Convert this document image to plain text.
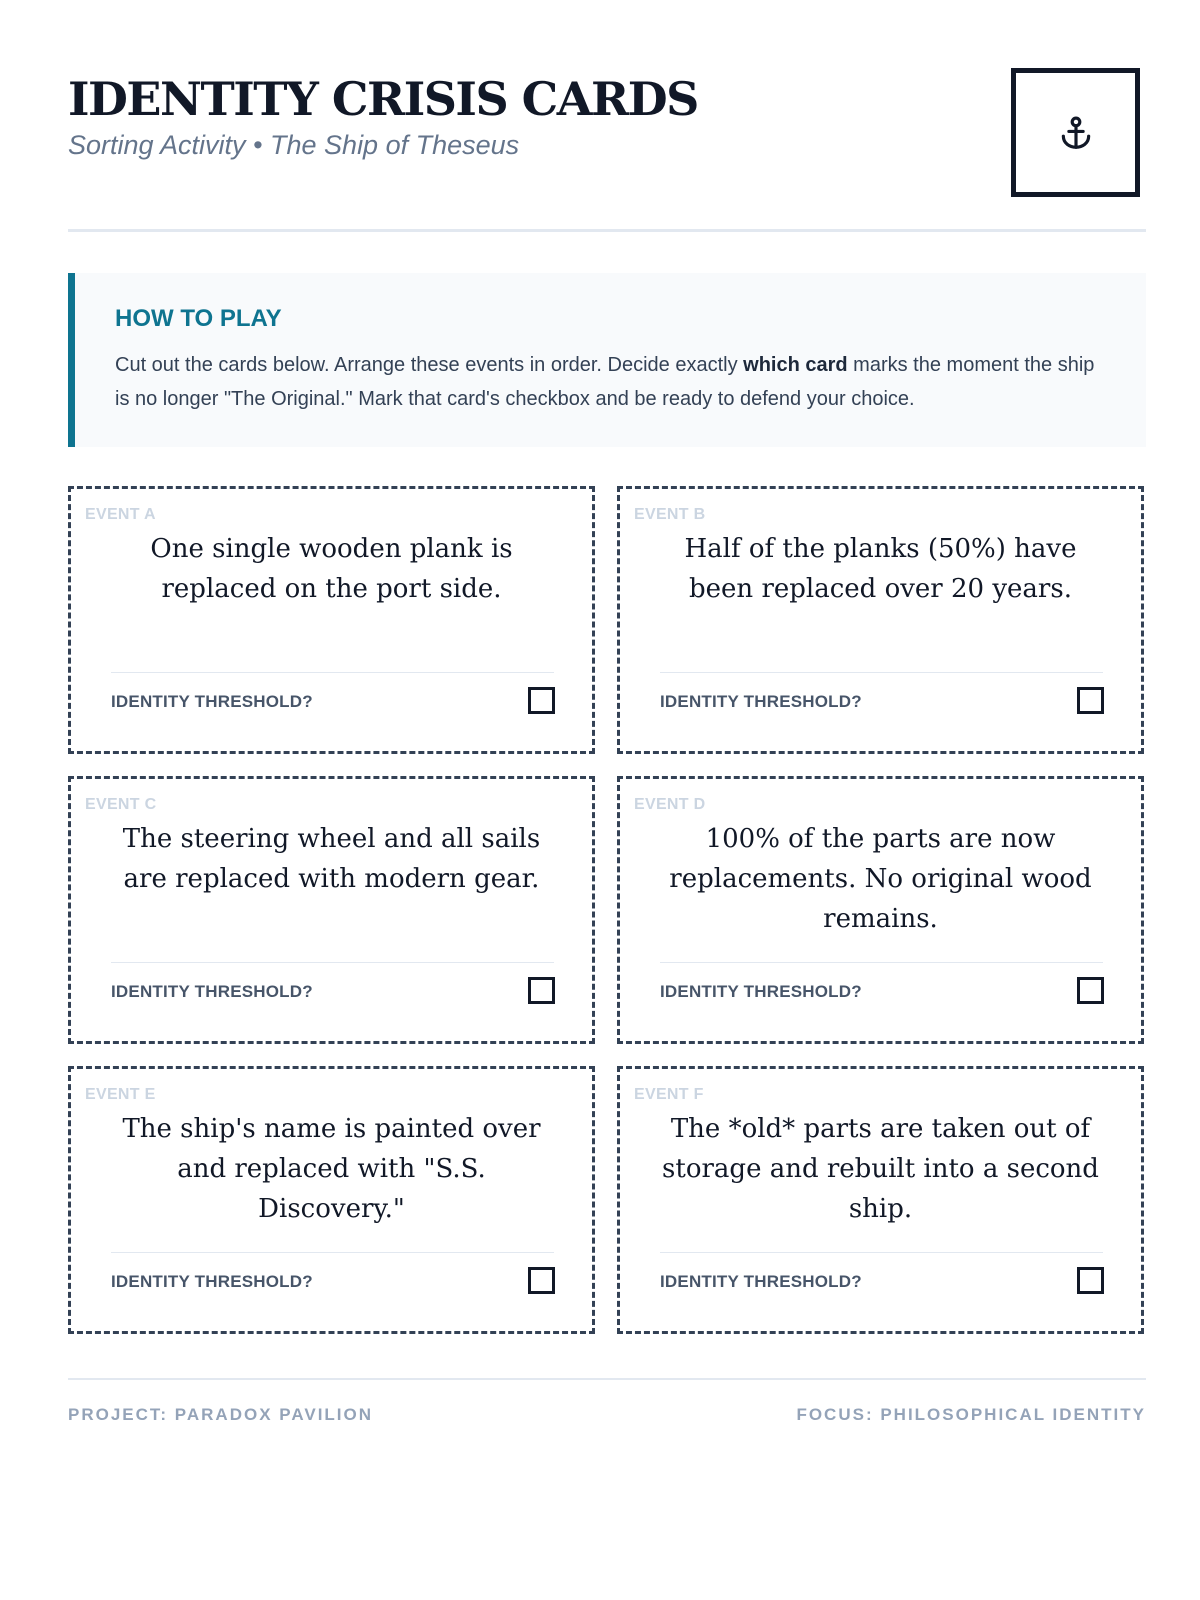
IDENTITY CRISIS CARDS
Sorting Activity • The Ship of Theseus
HOW TO PLAY
Cut out the cards below. Arrange these events in order. Decide exactly which card marks the moment the ship is no longer "The Original." Mark that card's checkbox and be ready to defend your choice.
EVENT A
One single wooden plank is replaced on the port side.
IDENTITY THRESHOLD?
EVENT B
Half of the planks (50%) have been replaced over 20 years.
IDENTITY THRESHOLD?
EVENT C
The steering wheel and all sails are replaced with modern gear.
IDENTITY THRESHOLD?
EVENT D
100% of the parts are now replacements. No original wood remains.
IDENTITY THRESHOLD?
EVENT E
The ship's name is painted over and replaced with "S.S. Discovery."
IDENTITY THRESHOLD?
EVENT F
The *old* parts are taken out of storage and rebuilt into a second ship.
IDENTITY THRESHOLD?
PROJECT: PARADOX PAVILION	FOCUS: PHILOSOPHICAL IDENTITY
